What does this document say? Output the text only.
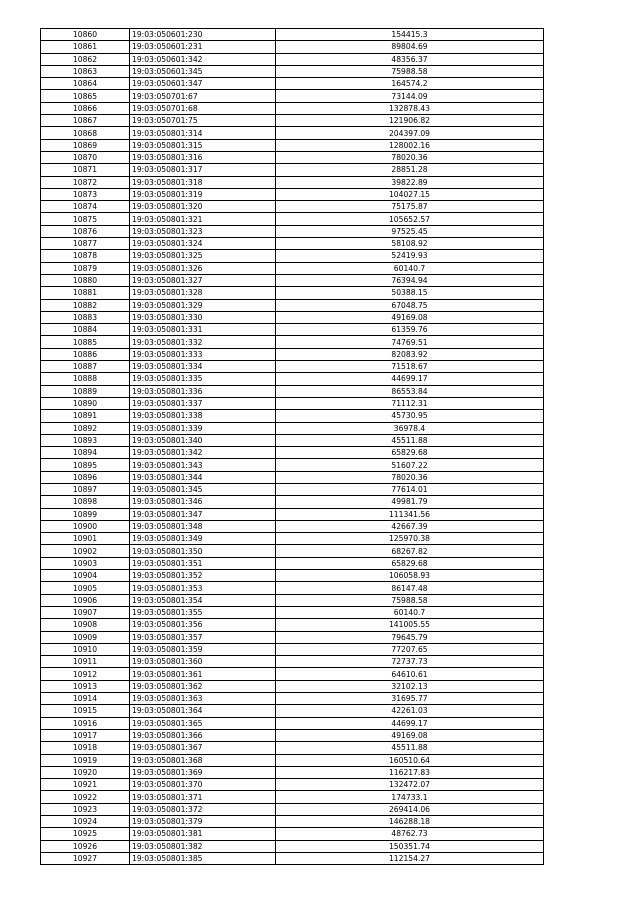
10860	19:03:050601:230	154415.3
10861	19:03:050601:231	89804.69
10862	19:03:050601:342	48356.37
10863	19:03:050601:345	75988.58
10864	19:03:050601:347	164574.2
10865	19:03:050701:67	73144.09
10866	19:03:050701:68	132878.43
10867	19:03:050701:75	121906.82
10868	19:03:050801:314	204397.09
10869	19:03:050801:315	128002.16
10870	19:03:050801:316	78020.36
10871	19:03:050801:317	28851.28
10872	19:03:050801:318	39822.89
10873	19:03:050801:319	104027.15
10874	19:03:050801:320	75175.87
10875	19:03:050801:321	105652.57
10876	19:03:050801:323	97525.45
10877	19:03:050801:324	58108.92
10878	19:03:050801:325	52419.93
10879	19:03:050801:326	60140.7
10880	19:03:050801:327	76394.94
10881	19:03:050801:328	50388.15
10882	19:03:050801:329	67048.75
10883	19:03:050801:330	49169.08
10884	19:03:050801:331	61359.76
10885	19:03:050801:332	74769.51
10886	19:03:050801:333	82083.92
10887	19:03:050801:334	71518.67
10888	19:03:050801:335	44699.17
10889	19:03:050801:336	86553.84
10890	19:03:050801:337	71112.31
10891	19:03:050801:338	45730.95
10892	19:03:050801:339	36978.4
10893	19:03:050801:340	45511.88
10894	19:03:050801:342	65829.68
10895	19:03:050801:343	51607.22
10896	19:03:050801:344	78020.36
10897	19:03:050801:345	77614.01
10898	19:03:050801:346	49981.79
10899	19:03:050801:347	111341.56
10900	19:03:050801:348	42667.39
10901	19:03:050801:349	125970.38
10902	19:03:050801:350	68267.82
10903	19:03:050801:351	65829.68
10904	19:03:050801:352	106058.93
10905	19:03:050801:353	86147.48
10906	19:03:050801:354	75988.58
10907	19:03:050801:355	60140.7
10908	19:03:050801:356	141005.55
10909	19:03:050801:357	79645.79
10910	19:03:050801:359	77207.65
10911	19:03:050801:360	72737.73
10912	19:03:050801:361	64610.61
10913	19:03:050801:362	32102.13
10914	19:03:050801:363	31695.77
10915	19:03:050801:364	42261.03
10916	19:03:050801:365	44699.17
10917	19:03:050801:366	49169.08
10918	19:03:050801:367	45511.88
10919	19:03:050801:368	160510.64
10920	19:03:050801:369	116217.83
10921	19:03:050801:370	132472.07
10922	19:03:050801:371	174733.1
10923	19:03:050801:372	269414.06
10924	19:03:050801:379	146288.18
10925	19:03:050801:381	48762.73
10926	19:03:050801:382	150351.74
10927	19:03:050801:385	112154.27
